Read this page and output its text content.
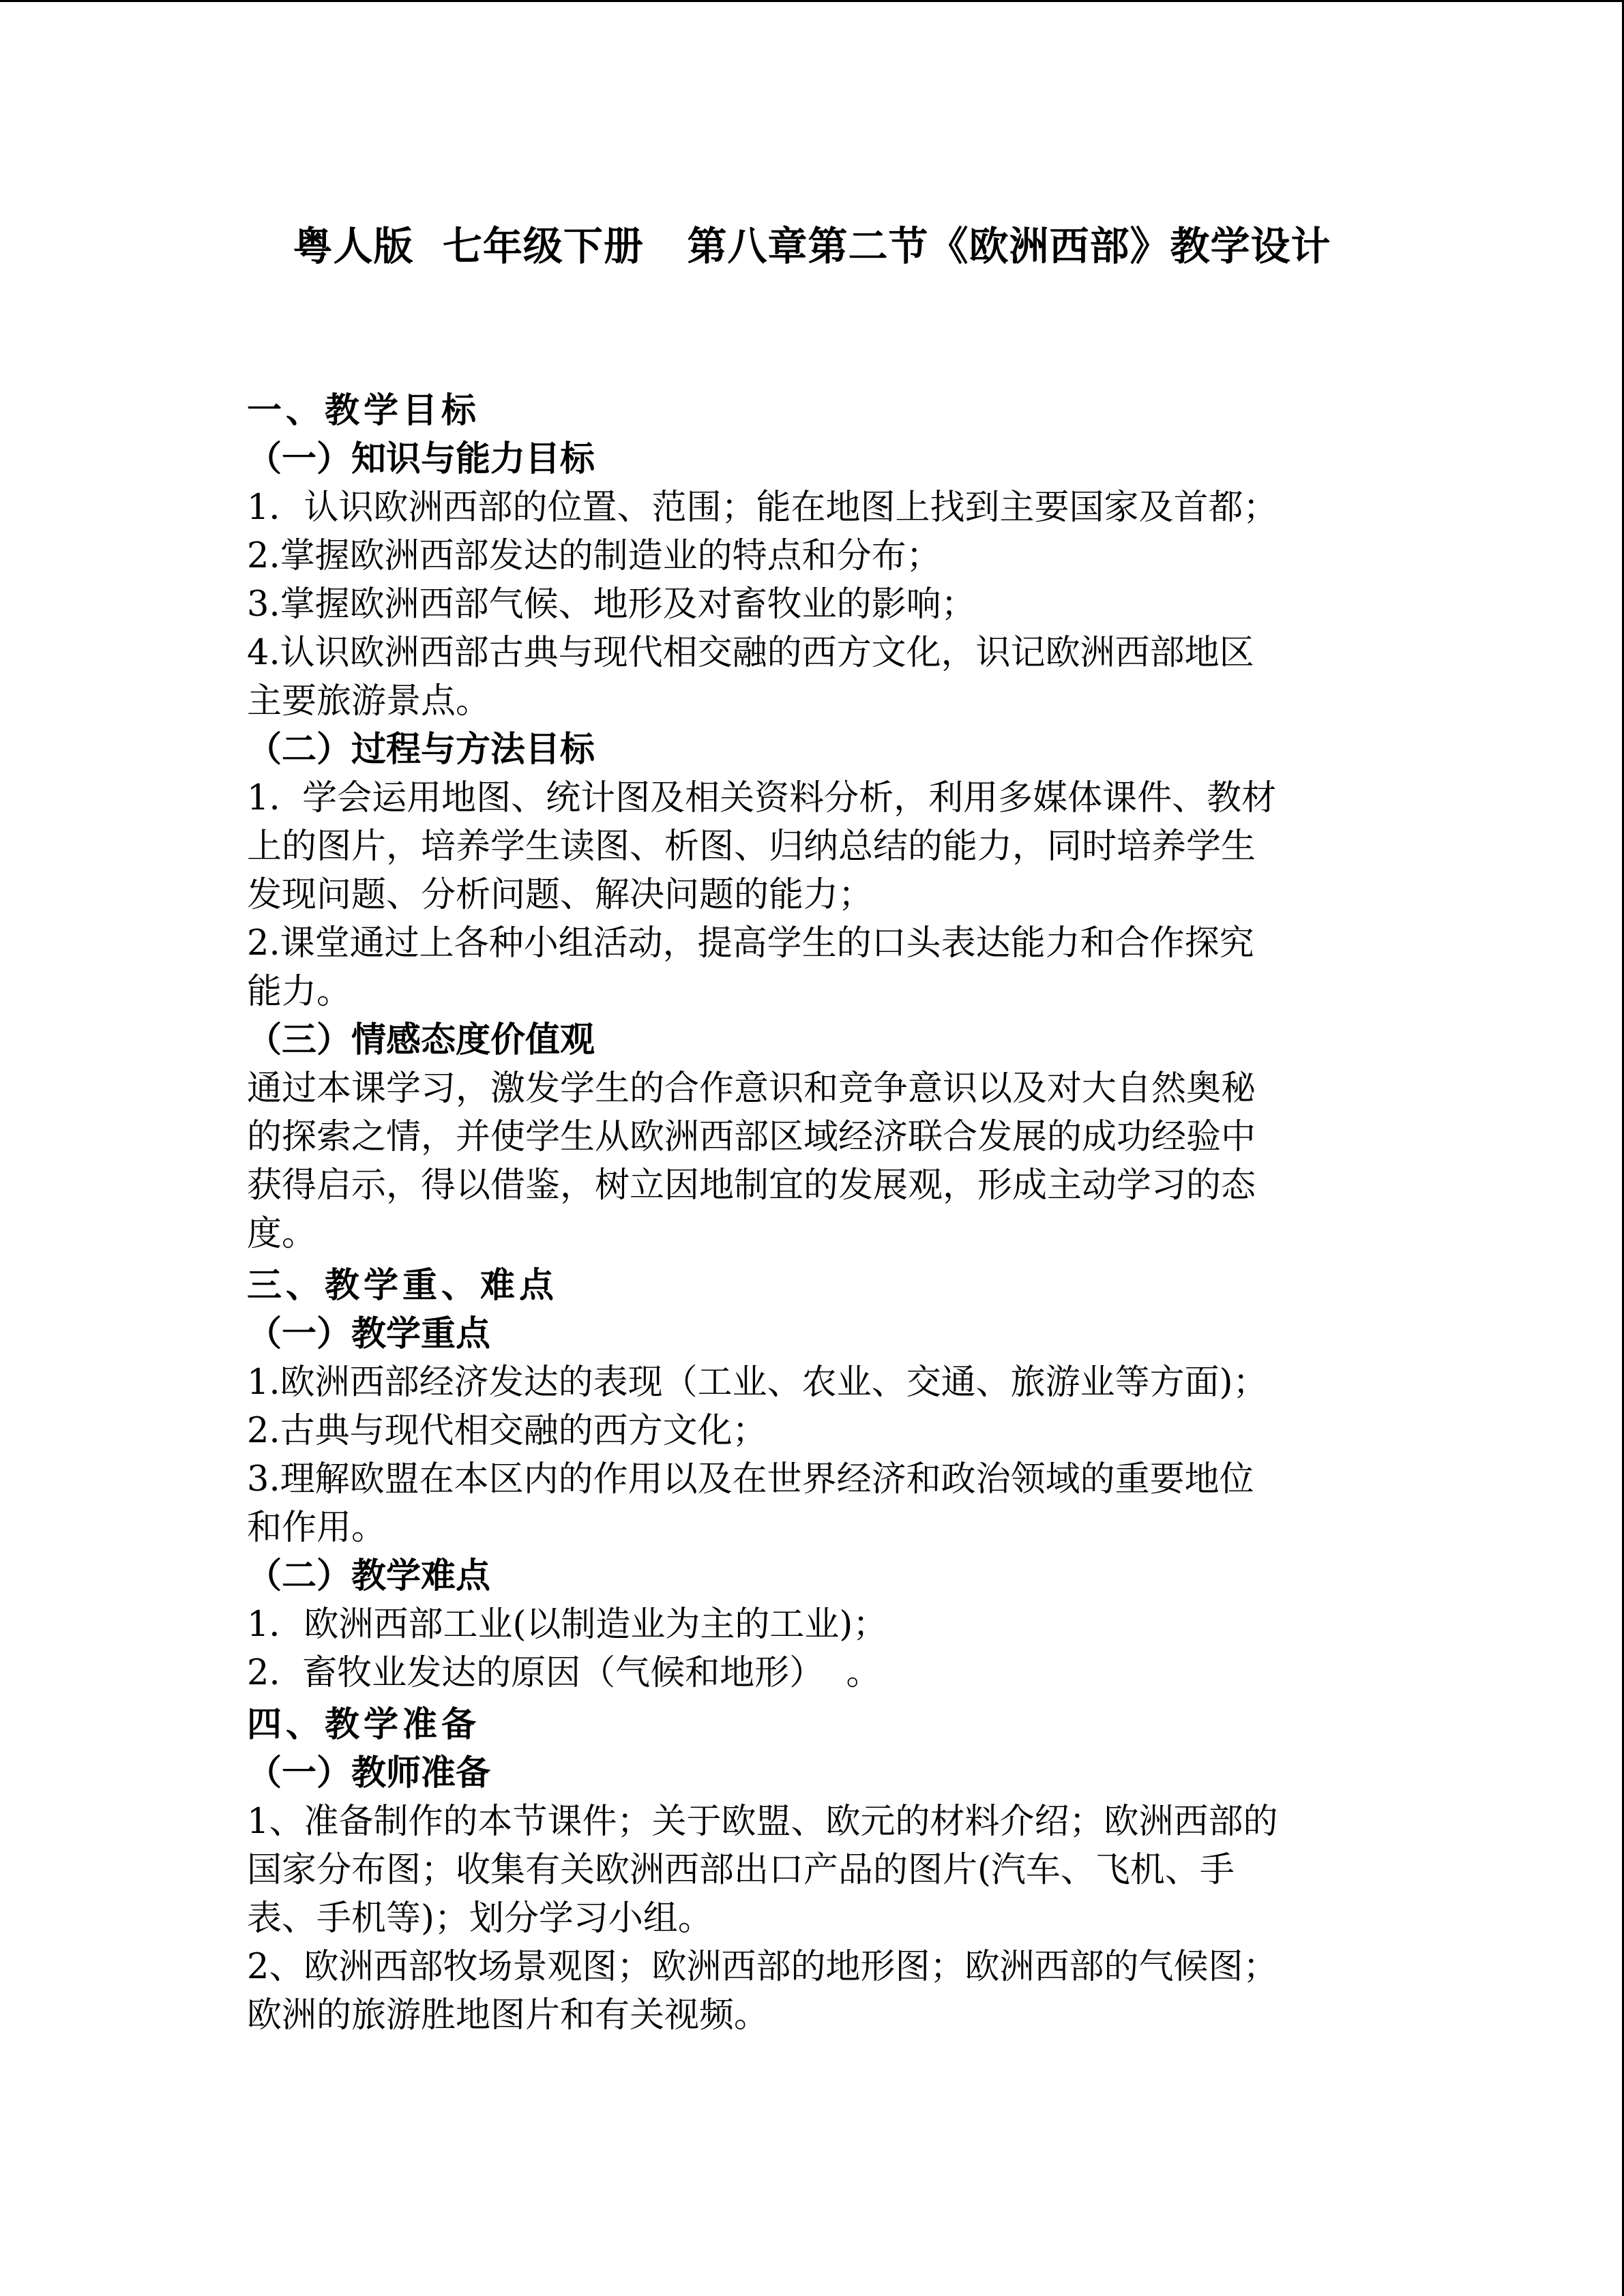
粤人版  七年级下册   第八章第二节《欧洲西部》教学设计
一、教学目标
（一）知识与能力目标
1．认识欧洲西部的位置、范围；能在地图上找到主要国家及首都；
2.掌握欧洲西部发达的制造业的特点和分布；
3.掌握欧洲西部气候、地形及对畜牧业的影响；
4.认识欧洲西部古典与现代相交融的西方文化，识记欧洲西部地区
主要旅游景点。
（二）过程与方法目标
1.  学会运用地图、统计图及相关资料分析，利用多媒体课件、教材
上的图片，培养学生读图、析图、归纳总结的能力，同时培养学生
发现问题、分析问题、解决问题的能力；
2.课堂通过上各种小组活动，提高学生的口头表达能力和合作探究
能力。
（三）情感态度价值观
通过本课学习，激发学生的合作意识和竞争意识以及对大自然奥秘
的探索之情，并使学生从欧洲西部区域经济联合发展的成功经验中
获得启示，得以借鉴，树立因地制宜的发展观，形成主动学习的态
度。
三、教学重、难点
（一）教学重点
1.欧洲西部经济发达的表现（工业、农业、交通、旅游业等方面)；
2.古典与现代相交融的西方文化；
3.理解欧盟在本区内的作用以及在世界经济和政治领域的重要地位
和作用。
（二）教学难点
1．欧洲西部工业(以制造业为主的工业)；
2.  畜牧业发达的原因（气候和地形）  。
四、教学准备
（一）教师准备
1、准备制作的本节课件；关于欧盟、欧元的材料介绍；欧洲西部的
国家分布图；收集有关欧洲西部出口产品的图片(汽车、飞机、手
表、手机等)；划分学习小组。
2、欧洲西部牧场景观图；欧洲西部的地形图；欧洲西部的气候图；
欧洲的旅游胜地图片和有关视频。
